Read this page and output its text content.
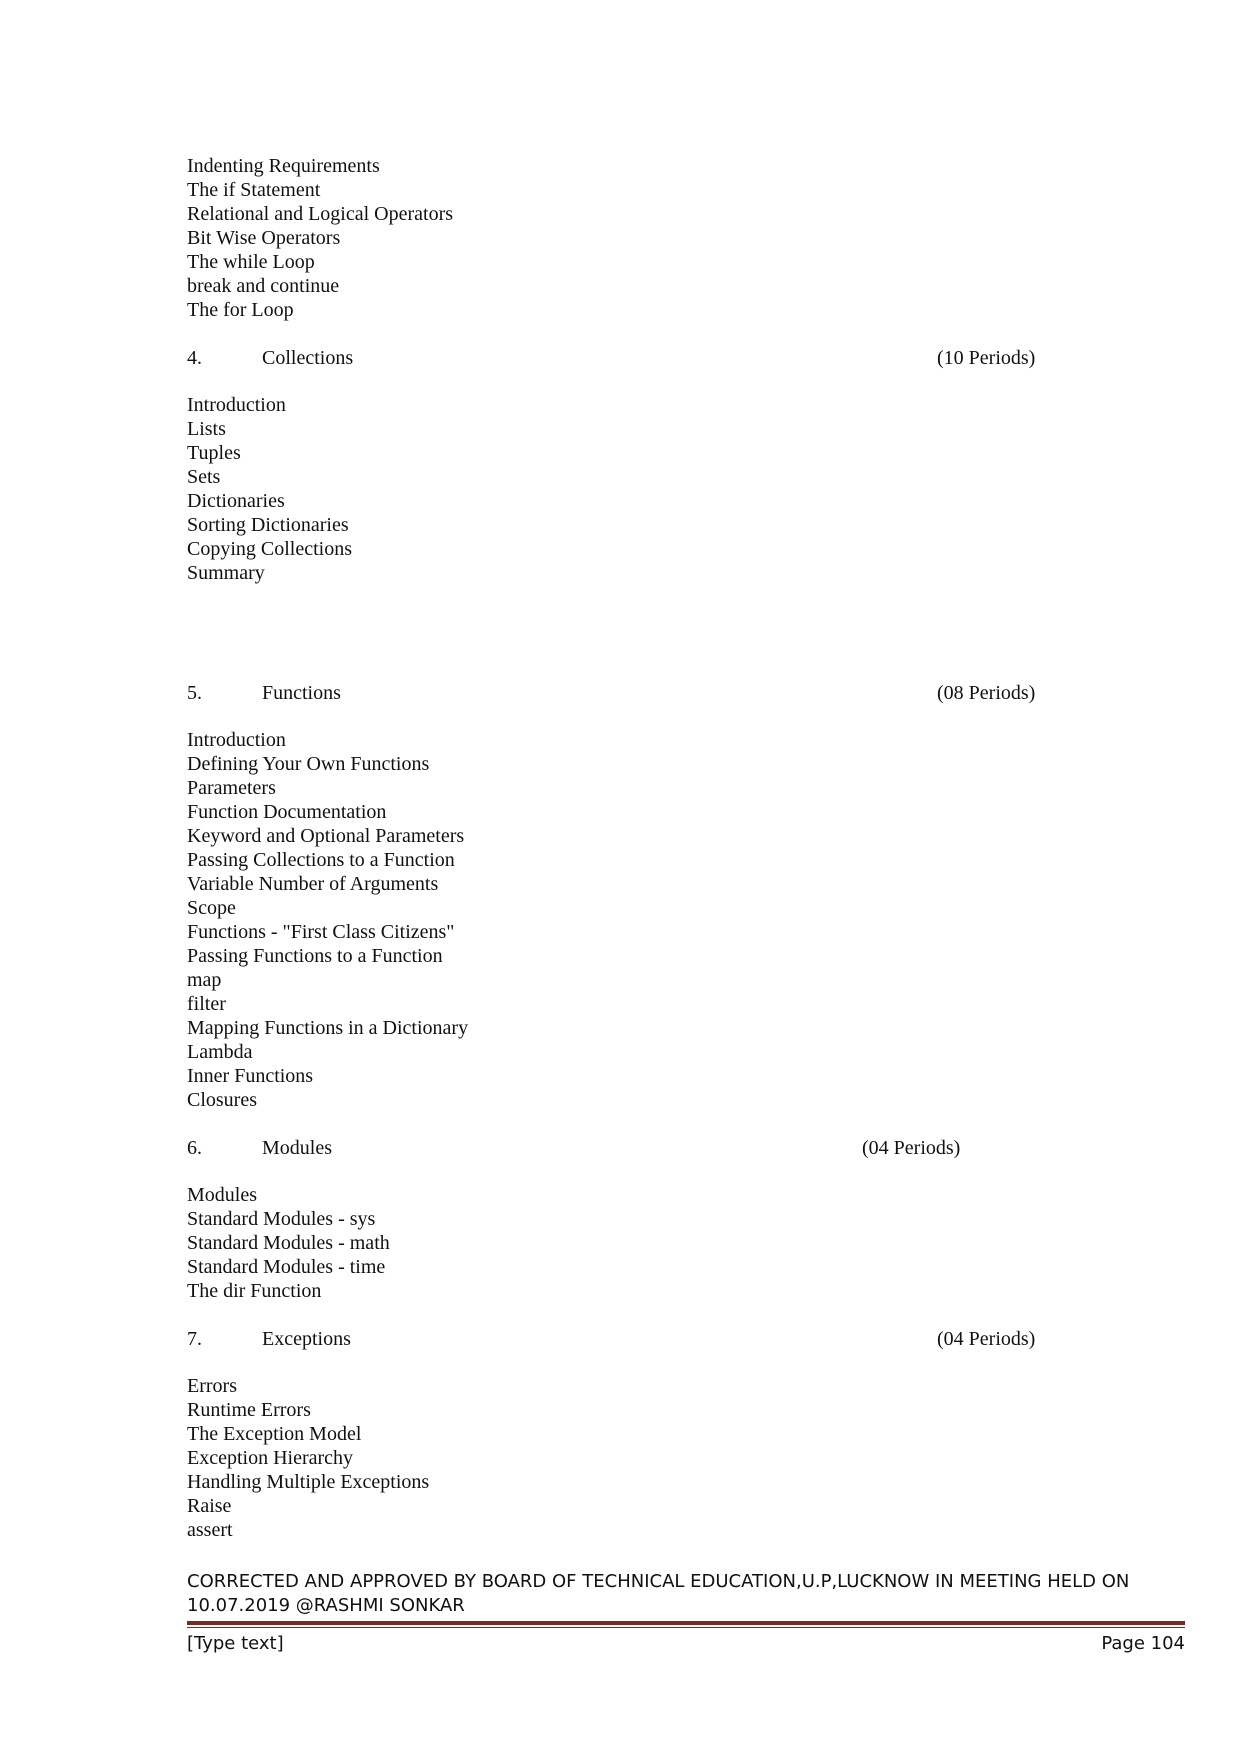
Indenting Requirements
The if Statement
Relational and Logical Operators
Bit Wise Operators
The while Loop
break and continue
The for Loop
4.	Collections	(10 Periods)
Introduction
Lists
Tuples
Sets
Dictionaries
Sorting Dictionaries
Copying Collections
Summary
5.	Functions	(08 Periods)
Introduction
Defining Your Own Functions
Parameters
Function Documentation
Keyword and Optional Parameters
Passing Collections to a Function
Variable Number of Arguments
Scope
Functions - "First Class Citizens"
Passing Functions to a Function
map
filter
Mapping Functions in a Dictionary
Lambda
Inner Functions
Closures
6.	Modules	(04 Periods)
Modules
Standard Modules - sys
Standard Modules - math
Standard Modules - time
The dir Function
7.	Exceptions	(04 Periods)
Errors
Runtime Errors
The Exception Model
Exception Hierarchy
Handling Multiple Exceptions
Raise
assert
CORRECTED AND APPROVED BY BOARD OF TECHNICAL EDUCATION,U.P,LUCKNOW IN MEETING HELD ON
10.07.2019 @RASHMI SONKAR
[Type text]	Page 104
